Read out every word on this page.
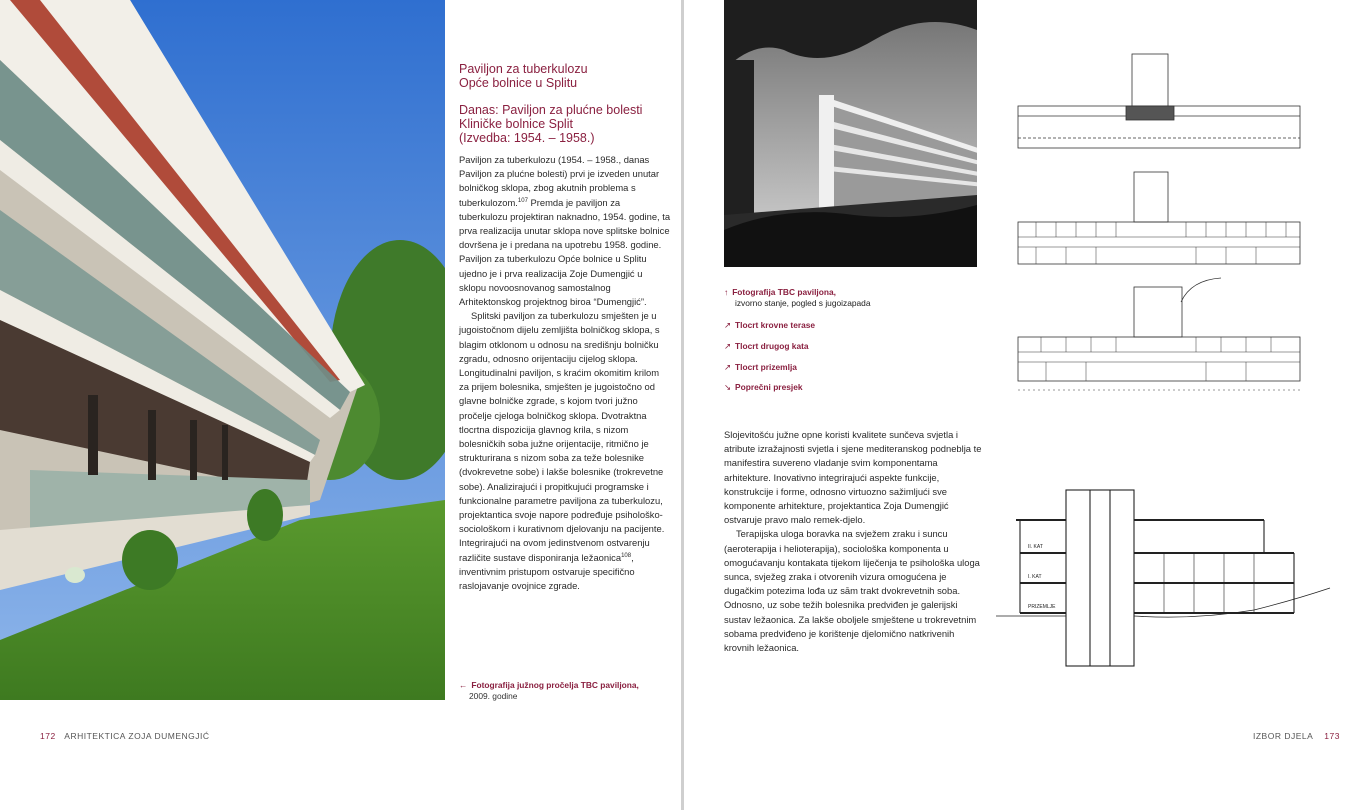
Paviljon za tuberkulozu
Opće bolnice u Splitu
Danas: Paviljon za plućne bolesti
Kliničke bolnice Split
(Izvedba: 1954. – 1958.)

Paviljon za tuberkulozu (1954. – 1958., danas Paviljon za plućne bolesti) prvi je izveden unutar bolničkog sklopa, zbog akutnih problema s tuberkulozom.$^{107}$ Premda je paviljon za tuberkulozu projektiran naknadno, 1954. godine, ta prva realizacija unutar sklopa nove splitske bolnice dovršena je i predana na upotrebu 1958. godine. Paviljon za tuberkulozu Opće bolnice u Splitu ujedno je i prva realizacija Zoje Dumengjić u sklopu novoosnovanog samostalnog Arhitektonskog projektnog biroa “Dumengjić”.

Splitski paviljon za tuberkulozu smješten je u jugoistočnom dijelu zemljišta bolničkog sklopa, s blagim otklonom u odnosu na središnju bolničku zgradu, odnosno orijentaciju cijelog sklopa. Longitudinalni paviljon, s kraćim okomitim krilom za prijem bolesnika, smješten je jugoistočno od glavne bolničke zgrade, s kojom tvori južno pročelje cjeloga bolničkog sklopa. Dvotraktna tlocrtna dispozicija glavnog krila, s nizom bolesničkih soba južne orijentacije, ritmično je strukturirana s nizom soba za teže bolesnike (dvokrevetne sobe) i lakše bolesnike (trokrevetne sobe). Analizirajući i propitkujući programske i funkcionalne parametre paviljona za tuberkulozu, projektantica svoje napore podređuje psihološko-sociološkom i kurativnom djelovanju na pacijente. Integrirajući na ovom jedinstvenom ostvarenju različite sustave disponiranja ležaonica$^{108}$, inventivnim pristupom ostvaruje specifično raslojavanje ovojnice zgrade.

← Fotografija južnog pročelja TBC paviljona,
2009. godine
172 ARHITEKTICA ZOJA DUMENGJIĆ
↑ Fotografija TBC paviljona,
izvorno stanje, pogled s jugoizapada
↗ Tlocrt krovne terase
↗ Tlocrt drugog kata
↗ Tlocrt prizemlja
↘ Poprečni presjek

Slojevitošću južne opne koristi kvalitete sunčeva svjetla i atribute izražajnosti svjetla i sjene mediteranskog podneblja te manifestira suvereno vladanje svim komponentama arhitekture. Inovativno integrirajući aspekte funkcije, konstrukcije i forme, odnosno virtuozno sažimljući sve komponente arhitekture, projektantica Zoja Dumengjić ostvaruje pravo malo remek-djelo.

Terapijska uloga boravka na svježem zraku i suncu (aeroterapija i helioterapija), sociološka komponenta u omogućavanju kontakata tijekom liječenja te psihološka uloga sunca, svježeg zraka i otvorenih vizura omogućena je dugačkim potezima lođa uz sām trakt dvokrevetnih soba. Odnosno, uz sobe težih bolesnika predviđen je galerijski sustav ležaonica. Za lakše oboljele smještene u trokrevetnim sobama predviđeno je korištenje djelomično natkrivenih krovnih ležaonica.

II. KAT
I. KAT
PRIZEMLJE
IZBOR DJELA 173
